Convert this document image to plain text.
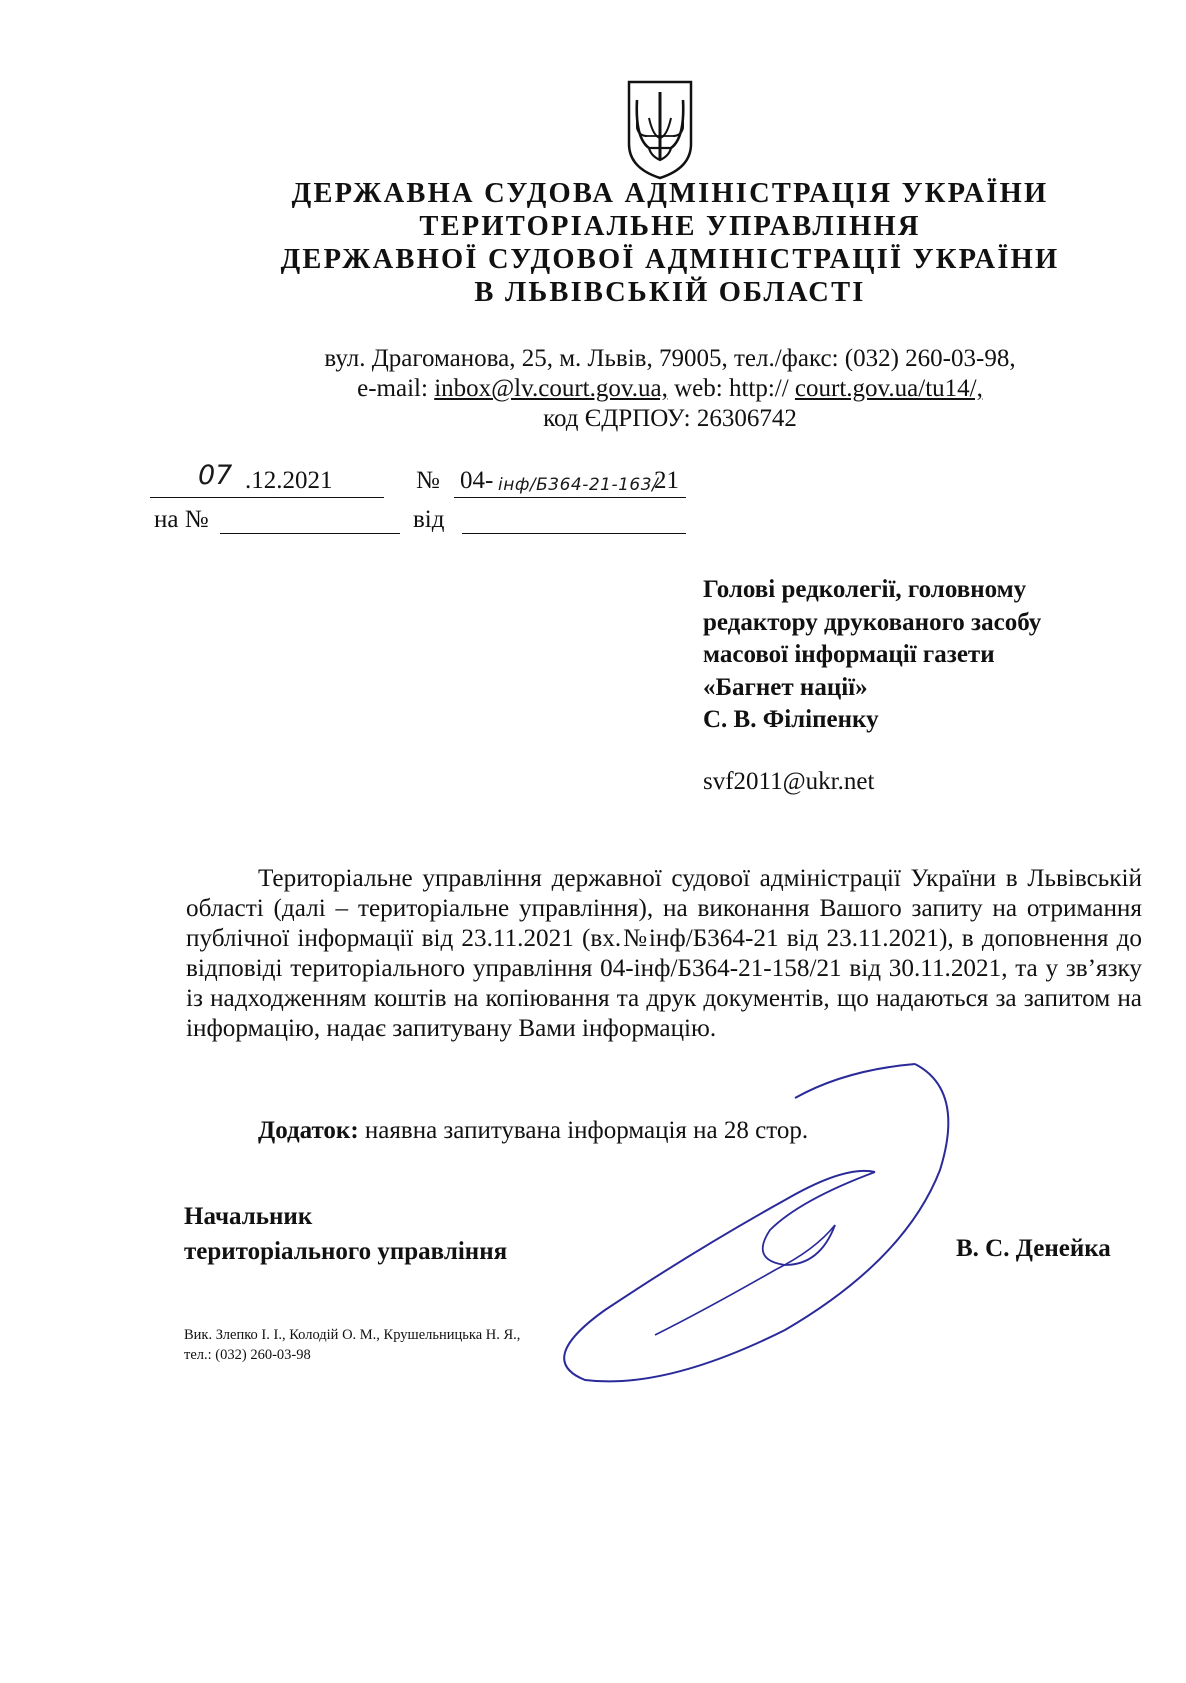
ДЕРЖАВНА СУДОВА АДМІНІСТРАЦІЯ УКРАЇНИ
ТЕРИТОРІАЛЬНЕ УПРАВЛІННЯ
ДЕРЖАВНОЇ СУДОВОЇ АДМІНІСТРАЦІЇ УКРАЇНИ
В ЛЬВІВСЬКІЙ ОБЛАСТІ
вул. Драгоманова, 25, м. Львів, 79005, тел./факс: (032) 260-03-98,
e-mail: inbox@lv.court.gov.ua, web: http:// court.gov.ua/tu14/,
код ЄДРПОУ: 26306742
07 .12.2021	№ 04- інф/Б364-21-163/
21
на №	від
Голові редколегії, головному
редактору друкованого засобу
масової інформації газети
«Багнет нації»
С. В. Філіпенку
svf2011@ukr.net
Територіальне управління державної судової адміністрації України в Львівській області (далі – територіальне управління), на виконання Вашого запиту на отримання публічної інформації від 23.11.2021 (вх.№інф/Б364-21 від 23.11.2021), в доповнення до відповіді територіального управління 04-інф/Б364-21-158/21 від 30.11.2021, та у зв’язку із надходженням коштів на копіювання та друк документів, що надаються за запитом на інформацію, надає запитувану Вами інформацію.
Додаток: наявна запитувана інформація на 28 стор.
Начальник
територіального управління	В. С. Денейка
Вик. Злепко І. І., Колодій О. М., Крушельницька Н. Я.,
тел.: (032) 260-03-98
